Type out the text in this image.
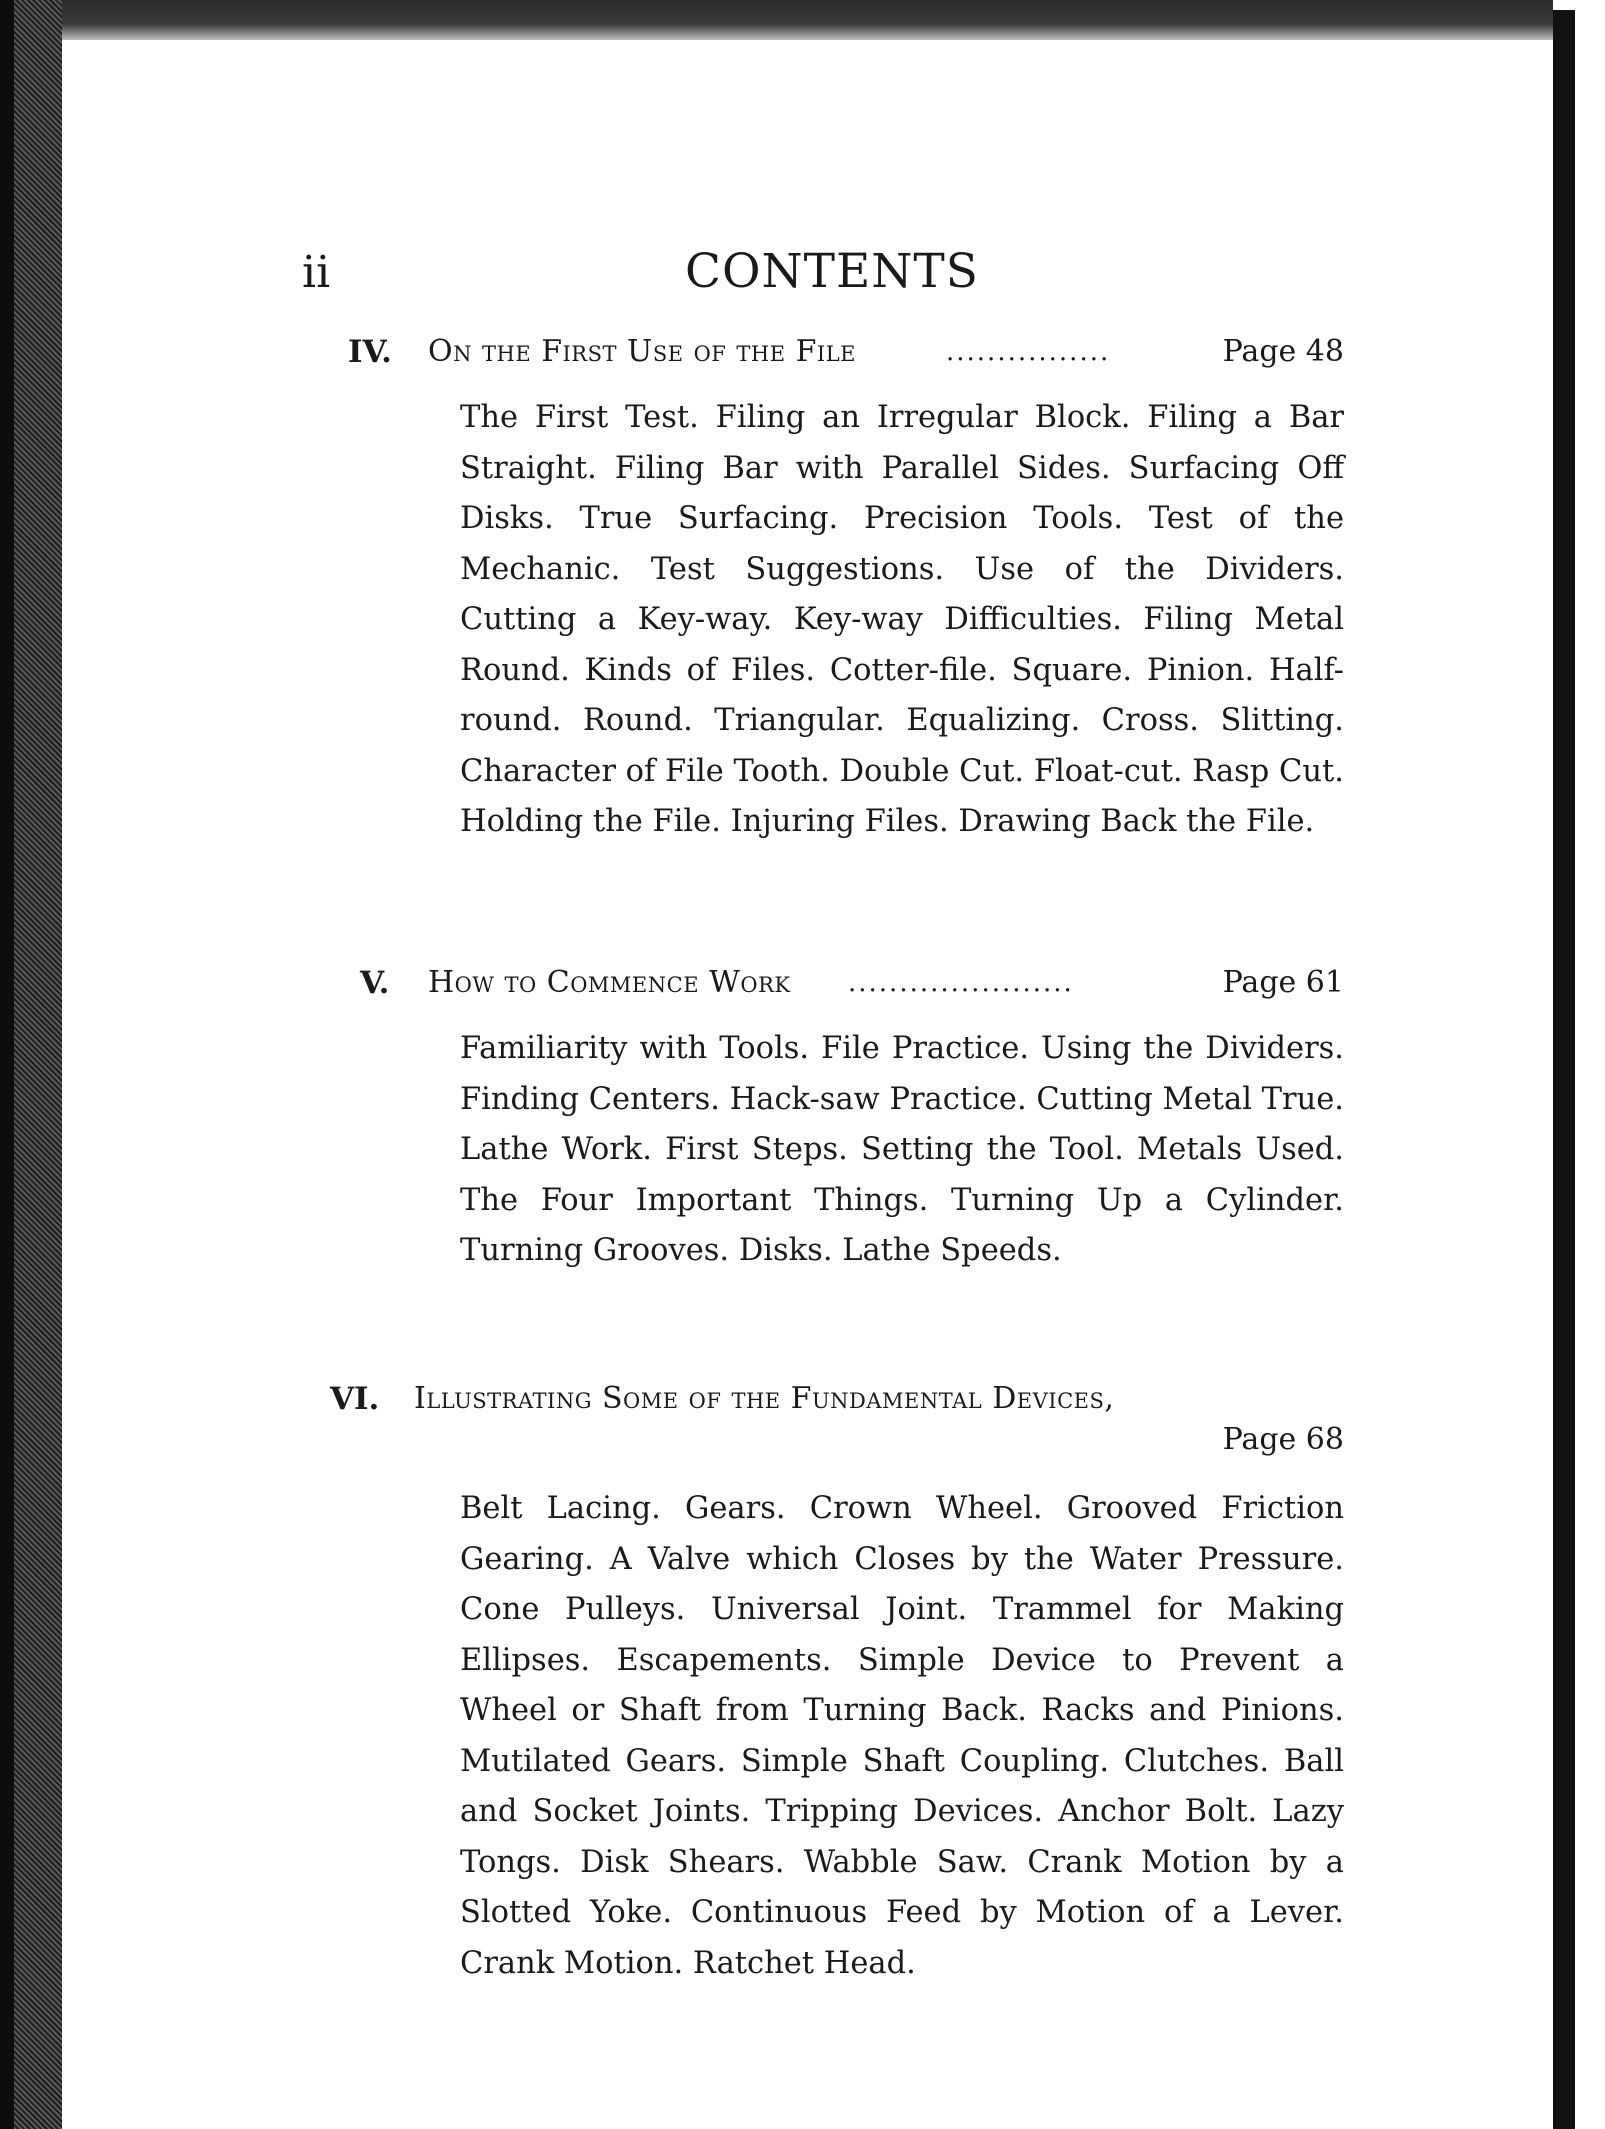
ii	CONTENTS
IV. On the First Use of the File	................	Page 48

The First Test. Filing an Irregular Block. Filing a Bar Straight. Filing Bar with Parallel Sides. Surfacing Off Disks. True Surfacing. Precision Tools. Test of the Mechanic. Test Suggestions. Use of the Dividers. Cutting a Key-way. Key-way Difficulties. Filing Metal Round. Kinds of Files. Cotter-file. Square. Pinion. Half-round. Round. Triangular. Equalizing. Cross. Slitting. Character of File Tooth. Double Cut. Float-cut. Rasp Cut. Holding the File. Injuring Files. Drawing Back the File.

V. How to Commence Work ......................	Page 61

Familiarity with Tools. File Practice. Using the Dividers. Finding Centers. Hack-saw Practice. Cutting Metal True. Lathe Work. First Steps. Setting the Tool. Metals Used. The Four Important Things. Turning Up a Cylinder. Turning Grooves. Disks. Lathe Speeds.

VI. Illustrating Some of the Fundamental Devices,
Page 68

Belt Lacing. Gears. Crown Wheel. Grooved Friction Gearing. A Valve which Closes by the Water Pressure. Cone Pulleys. Universal Joint. Trammel for Making Ellipses. Escapements. Simple Device to Prevent a Wheel or Shaft from Turning Back. Racks and Pinions. Mutilated Gears. Simple Shaft Coupling. Clutches. Ball and Socket Joints. Tripping Devices. Anchor Bolt. Lazy Tongs. Disk Shears. Wabble Saw. Crank Motion by a Slotted Yoke. Continuous Feed by Motion of a Lever. Crank Motion. Ratchet Head.
